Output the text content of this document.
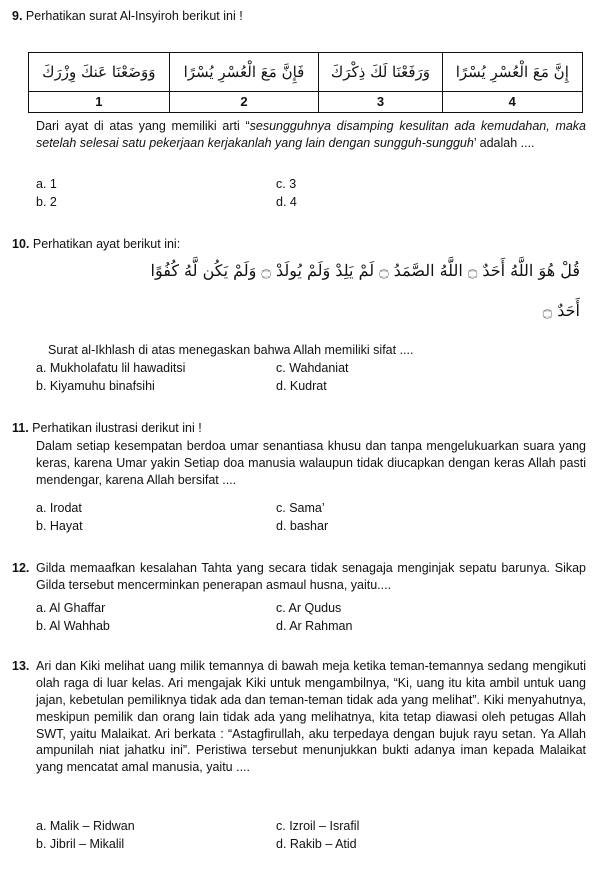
9. Perhatikan surat Al-Insyiroh berikut ini !
وَوَضَعْنَا عَنكَ وِزْرَكَ	فَإِنَّ مَعَ الْعُسْرِ يُسْرًا	وَرَفَعْنَا لَكَ ذِكْرَكَ	إِنَّ مَعَ الْعُسْرِ يُسْرًا
1	2	3	4
Dari ayat di atas yang memiliki arti “sesungguhnya disamping kesulitan ada kemudahan, maka setelah selesai satu pekerjaan kerjakanlah yang lain dengan sungguh-sungguh’ adalah ....
a. 1	c. 3
b. 2	d. 4
10. Perhatikan ayat berikut ini:
قُلْ هُوَ اللَّهُ أَحَدٌ ۝ اللَّهُ الصَّمَدُ ۝ لَمْ يَلِدْ وَلَمْ يُولَدْ ۝ وَلَمْ يَكُن لَّهُ كُفُوًا
أَحَدٌ ۝
Surat al-Ikhlash di atas menegaskan bahwa Allah memiliki sifat ....
a. Mukholafatu lil hawaditsi	c. Wahdaniat
b. Kiyamuhu binafsihi	d. Kudrat
11. Perhatikan ilustrasi derikut ini !
Dalam setiap kesempatan berdoa umar senantiasa khusu dan tanpa mengelukuarkan suara yang keras, karena Umar yakin Setiap doa manusia walaupun tidak diucapkan dengan keras Allah pasti mendengar, karena Allah bersifat ....
a. Irodat	c. Sama’
b. Hayat	d. bashar
12. Gilda memaafkan kesalahan Tahta yang secara tidak senagaja menginjak sepatu barunya. Sikap Gilda tersebut mencerminkan penerapan asmaul husna, yaitu....
a. Al Ghaffar	c. Ar Qudus
b. Al Wahhab	d. Ar Rahman
13. Ari dan Kiki melihat uang milik temannya di bawah meja ketika teman-temannya sedang mengikuti olah raga di luar kelas. Ari mengajak Kiki untuk mengambilnya, “Ki, uang itu kita ambil untuk uang jajan, kebetulan pemiliknya tidak ada dan teman-teman tidak ada yang melihat”. Kiki menyahutnya, meskipun pemilik dan orang lain tidak ada yang melihatnya, kita tetap diawasi oleh petugas Allah SWT, yaitu Malaikat. Ari berkata : “Astagfirullah, aku terpedaya dengan bujuk rayu setan. Ya Allah ampunilah niat jahatku ini”. Peristiwa tersebut menunjukkan bukti adanya iman kepada Malaikat yang mencatat amal manusia, yaitu ....
a. Malik – Ridwan	c. Izroil – Israfil
b. Jibril – Mikalil	d. Rakib – Atid
